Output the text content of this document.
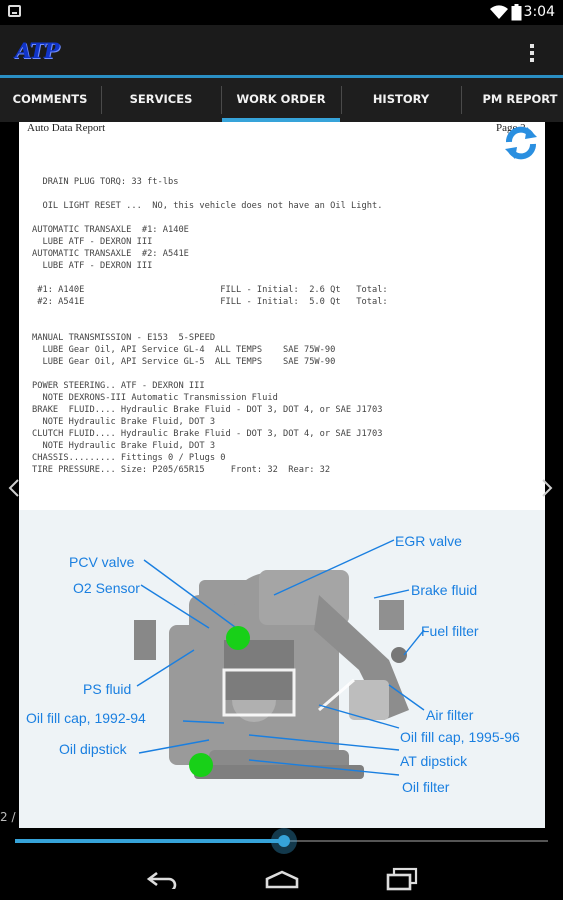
3:04
ATP
COMMENTS	SERVICES	WORK ORDER	HISTORY	PM REPORT
Auto Data Report	Page 2
DRAIN PLUG TORQ: 33 ft-lbs

OIL LIGHT RESET ...  NO, this vehicle does not have an Oil Light.

AUTOMATIC TRANSAXLE  #1: A140E
LUBE ATF - DEXRON III
AUTOMATIC TRANSAXLE  #2: A541E
LUBE ATF - DEXRON III

#1: A140E                          FILL - Initial:  2.6 Qt   Total:
#2: A541E                          FILL - Initial:  5.0 Qt   Total:

MANUAL TRANSMISSION - E153  5-SPEED
LUBE Gear Oil, API Service GL-4  ALL TEMPS    SAE 75W-90
LUBE Gear Oil, API Service GL-5  ALL TEMPS    SAE 75W-90

POWER STEERING.. ATF - DEXRON III
NOTE DEXRONS-III Automatic Transmission Fluid
BRAKE  FLUID.... Hydraulic Brake Fluid - DOT 3, DOT 4, or SAE J1703
NOTE Hydraulic Brake Fluid, DOT 3
CLUTCH FLUID.... Hydraulic Brake Fluid - DOT 3, DOT 4, or SAE J1703
NOTE Hydraulic Brake Fluid, DOT 3
CHASSIS......... Fittings 0 / Plugs 0
TIRE PRESSURE... Size: P205/65R15     Front: 32  Rear: 32
PCV valve
O2 Sensor
PS fluid
Oil fill cap, 1992-94
Oil dipstick
EGR valve
Brake fluid
Fuel filter
Air filter
Oil fill cap, 1995-96
AT dipstick
Oil filter
2 /
